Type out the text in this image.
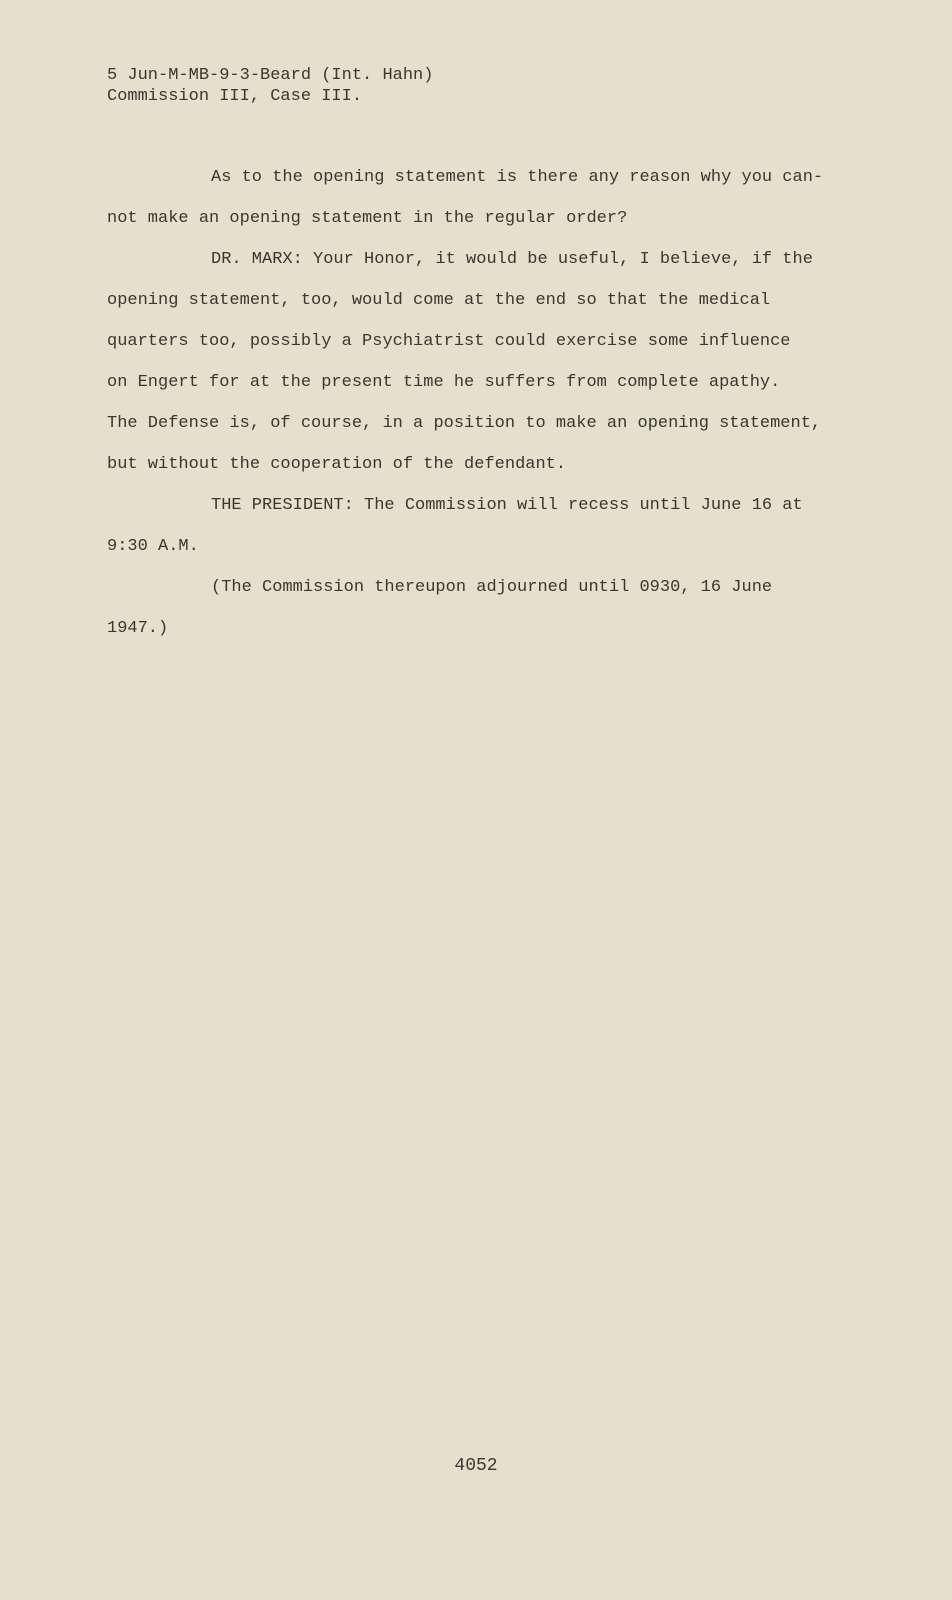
5 Jun-M-MB-9-3-Beard (Int. Hahn)
Commission III, Case III.
As to the opening statement is there any reason why you can-
not make an opening statement in the regular order?
DR. MARX: Your Honor, it would be useful, I believe, if the
opening statement, too, would come at the end so that the medical
quarters too, possibly a Psychiatrist could exercise some influence
on Engert for at the present time he suffers from complete apathy.
The Defense is, of course, in a position to make an opening statement,
but without the cooperation of the defendant.
THE PRESIDENT: The Commission will recess until June 16 at
9:30 A.M.
(The Commission thereupon adjourned until 0930, 16 June
1947.)
4052
